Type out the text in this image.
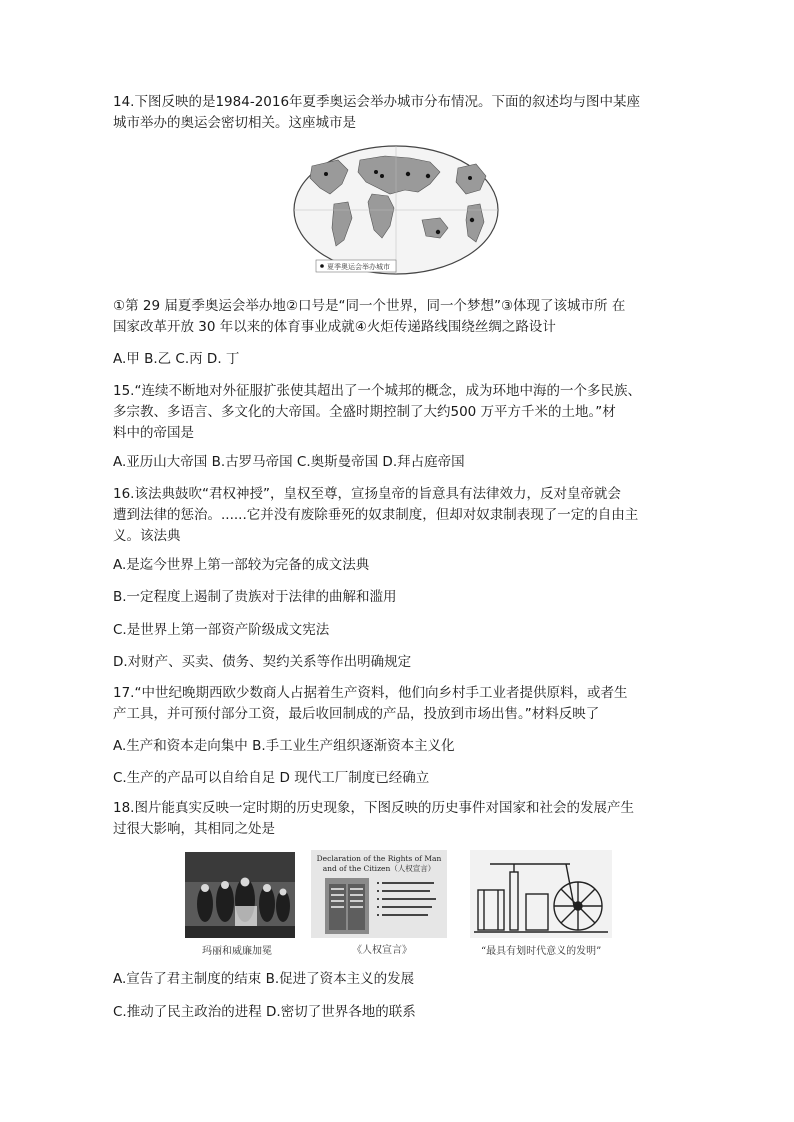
14.下图反映的是1984-2016年夏季奥运会举办城市分布情况。下面的叙述均与图中某座
城市举办的奥运会密切相关。这座城市是
夏季奥运会举办城市
①第 29 届夏季奥运会举办地②口号是“同一个世界，同一个梦想”③体现了该城市所 在
国家改革开放 30 年以来的体育事业成就④火炬传递路线围绕丝绸之路设计
A.甲 B.乙 C.丙 D. 丁
15.“连续不断地对外征服扩张使其超出了一个城邦的概念，成为环地中海的一个多民族、
多宗教、多语言、多文化的大帝国。全盛时期控制了大约500 万平方千米的土地。”材
料中的帝国是
A.亚历山大帝国 B.古罗马帝国 C.奥斯曼帝国 D.拜占庭帝国
16.该法典鼓吹“君权神授”，皇权至尊，宣扬皇帝的旨意具有法律效力，反对皇帝就会
遭到法律的惩治。......它并没有废除垂死的奴隶制度，但却对奴隶制表现了一定的自由主
义。该法典
A.是迄今世界上第一部较为完备的成文法典
B.一定程度上遏制了贵族对于法律的曲解和滥用
C.是世界上第一部资产阶级成文宪法
D.对财产、买卖、债务、契约关系等作出明确规定
17.“中世纪晚期西欧少数商人占据着生产资料，他们向乡村手工业者提供原料，或者生
产工具，并可预付部分工资，最后收回制成的产品，投放到市场出售。”材料反映了
A.生产和资本走向集中 B.手工业生产组织逐渐资本主义化
C.生产的产品可以自给自足 D 现代工厂制度已经确立
18.图片能真实反映一定时期的历史现象，下图反映的历史事件对国家和社会的发展产生
过很大影响，其相同之处是
玛丽和威廉加冕
Declaration of the Rights of Man
and of the Citizen（人权宣言）
《人权宣言》	“最具有划时代意义的发明”
A.宣告了君主制度的结束 B.促进了资本主义的发展
C.推动了民主政治的进程 D.密切了世界各地的联系
